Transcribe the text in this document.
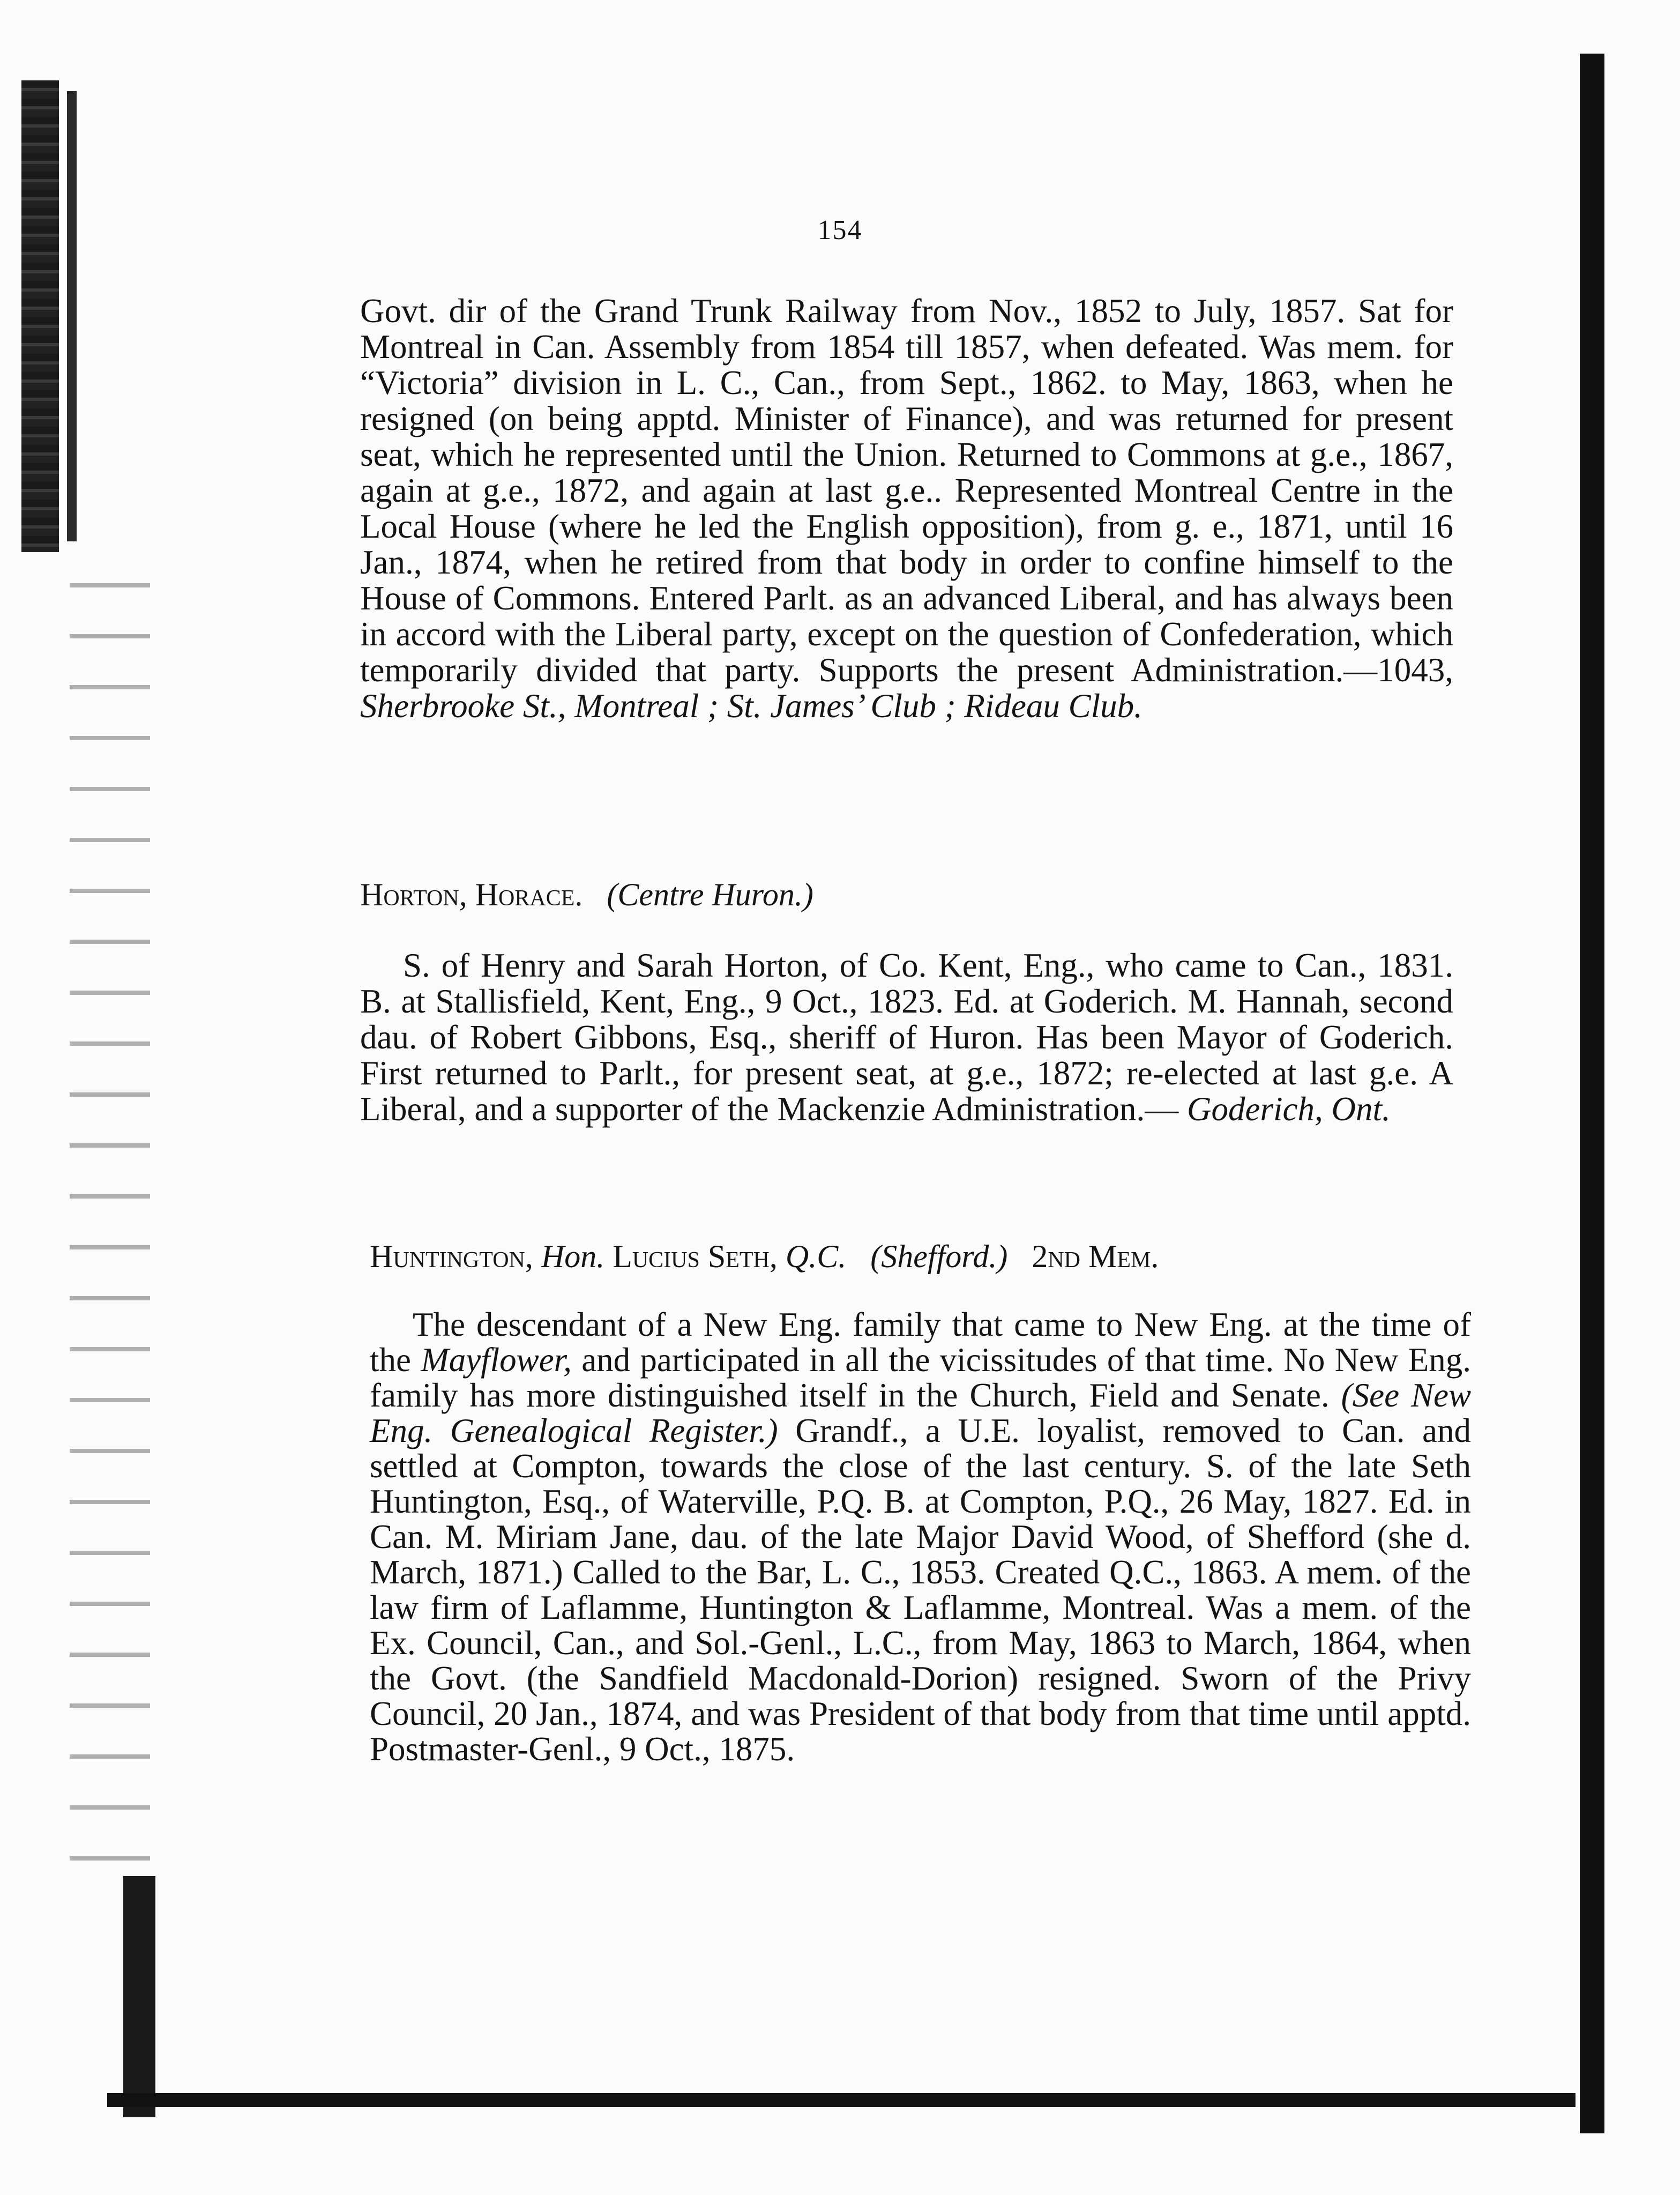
154

Govt. dir of the Grand Trunk Railway from Nov., 1852 to July, 1857. Sat for Montreal in Can. Assembly from 1854 till 1857, when defeated. Was mem. for “Victoria” division in L. C., Can., from Sept., 1862. to May, 1863, when he resigned (on being apptd. Minister of Finance), and was returned for present seat, which he represented until the Union. Returned to Commons at g.e., 1867, again at g.e., 1872, and again at last g.e.. Represented Montreal Centre in the Local House (where he led the English opposition), from g. e., 1871, until 16 Jan., 1874, when he retired from that body in order to confine himself to the House of Commons. Entered Parlt. as an advanced Liberal, and has always been in accord with the Liberal party, except on the question of Confederation, which temporarily divided that party. Supports the present Administration.—1043, Sherbrooke St., Montreal ; St. James’ Club ; Rideau Club.

Horton, Horace. (Centre Huron.)

S. of Henry and Sarah Horton, of Co. Kent, Eng., who came to Can., 1831. B. at Stallisfield, Kent, Eng., 9 Oct., 1823. Ed. at Goderich. M. Hannah, second dau. of Robert Gibbons, Esq., sheriff of Huron. Has been Mayor of Goderich. First returned to Parlt., for present seat, at g.e., 1872; re-elected at last g.e. A Liberal, and a supporter of the Mackenzie Administration.— Goderich, Ont.

Huntington, Hon. Lucius Seth, Q.C. (Shefford.) 2nd Mem.

The descendant of a New Eng. family that came to New Eng. at the time of the Mayflower, and participated in all the vicissitudes of that time. No New Eng. family has more distinguished itself in the Church, Field and Senate. (See New Eng. Genealogical Register.) Grandf., a U.E. loyalist, removed to Can. and settled at Compton, towards the close of the last century. S. of the late Seth Huntington, Esq., of Waterville, P.Q. B. at Compton, P.Q., 26 May, 1827. Ed. in Can. M. Miriam Jane, dau. of the late Major David Wood, of Shefford (she d. March, 1871.) Called to the Bar, L. C., 1853. Created Q.C., 1863. A mem. of the law firm of Laflamme, Huntington & Laflamme, Montreal. Was a mem. of the Ex. Council, Can., and Sol.-Genl., L.C., from May, 1863 to March, 1864, when the Govt. (the Sandfield Macdonald-Dorion) resigned. Sworn of the Privy Council, 20 Jan., 1874, and was President of that body from that time until apptd. Postmaster-Genl., 9 Oct., 1875.
